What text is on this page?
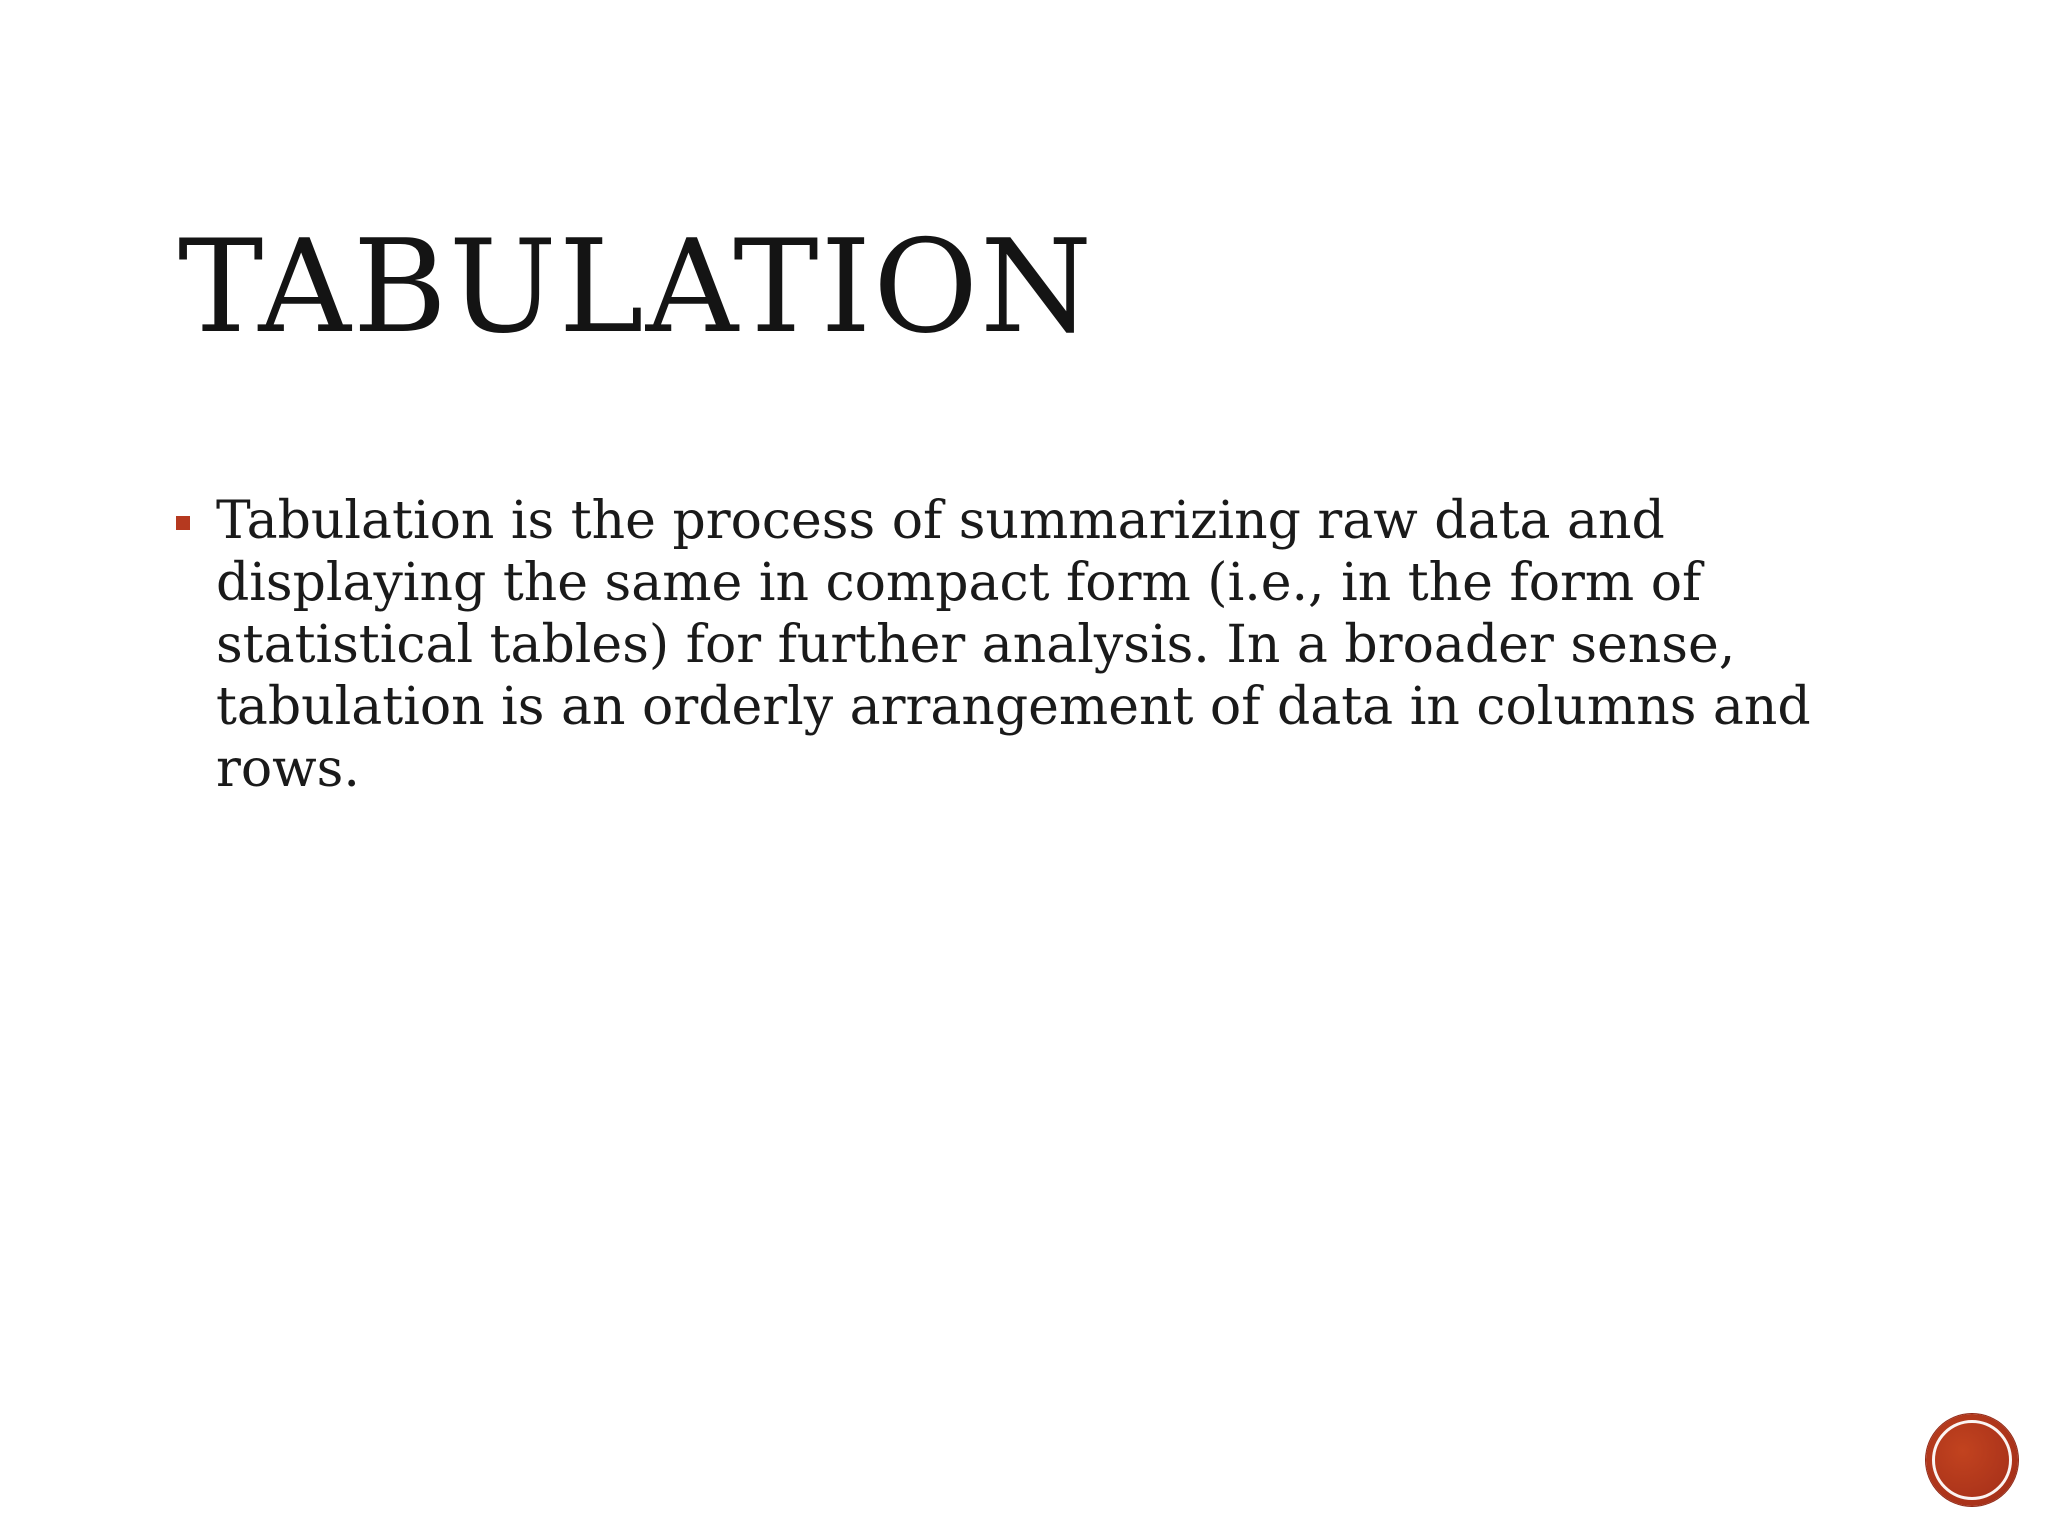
TABULATION

Tabulation is the process of summarizing raw data and displaying the same in compact form (i.e., in the form of statistical tables) for further analysis. In a broader sense, tabulation is an orderly arrangement of data in columns and rows.
